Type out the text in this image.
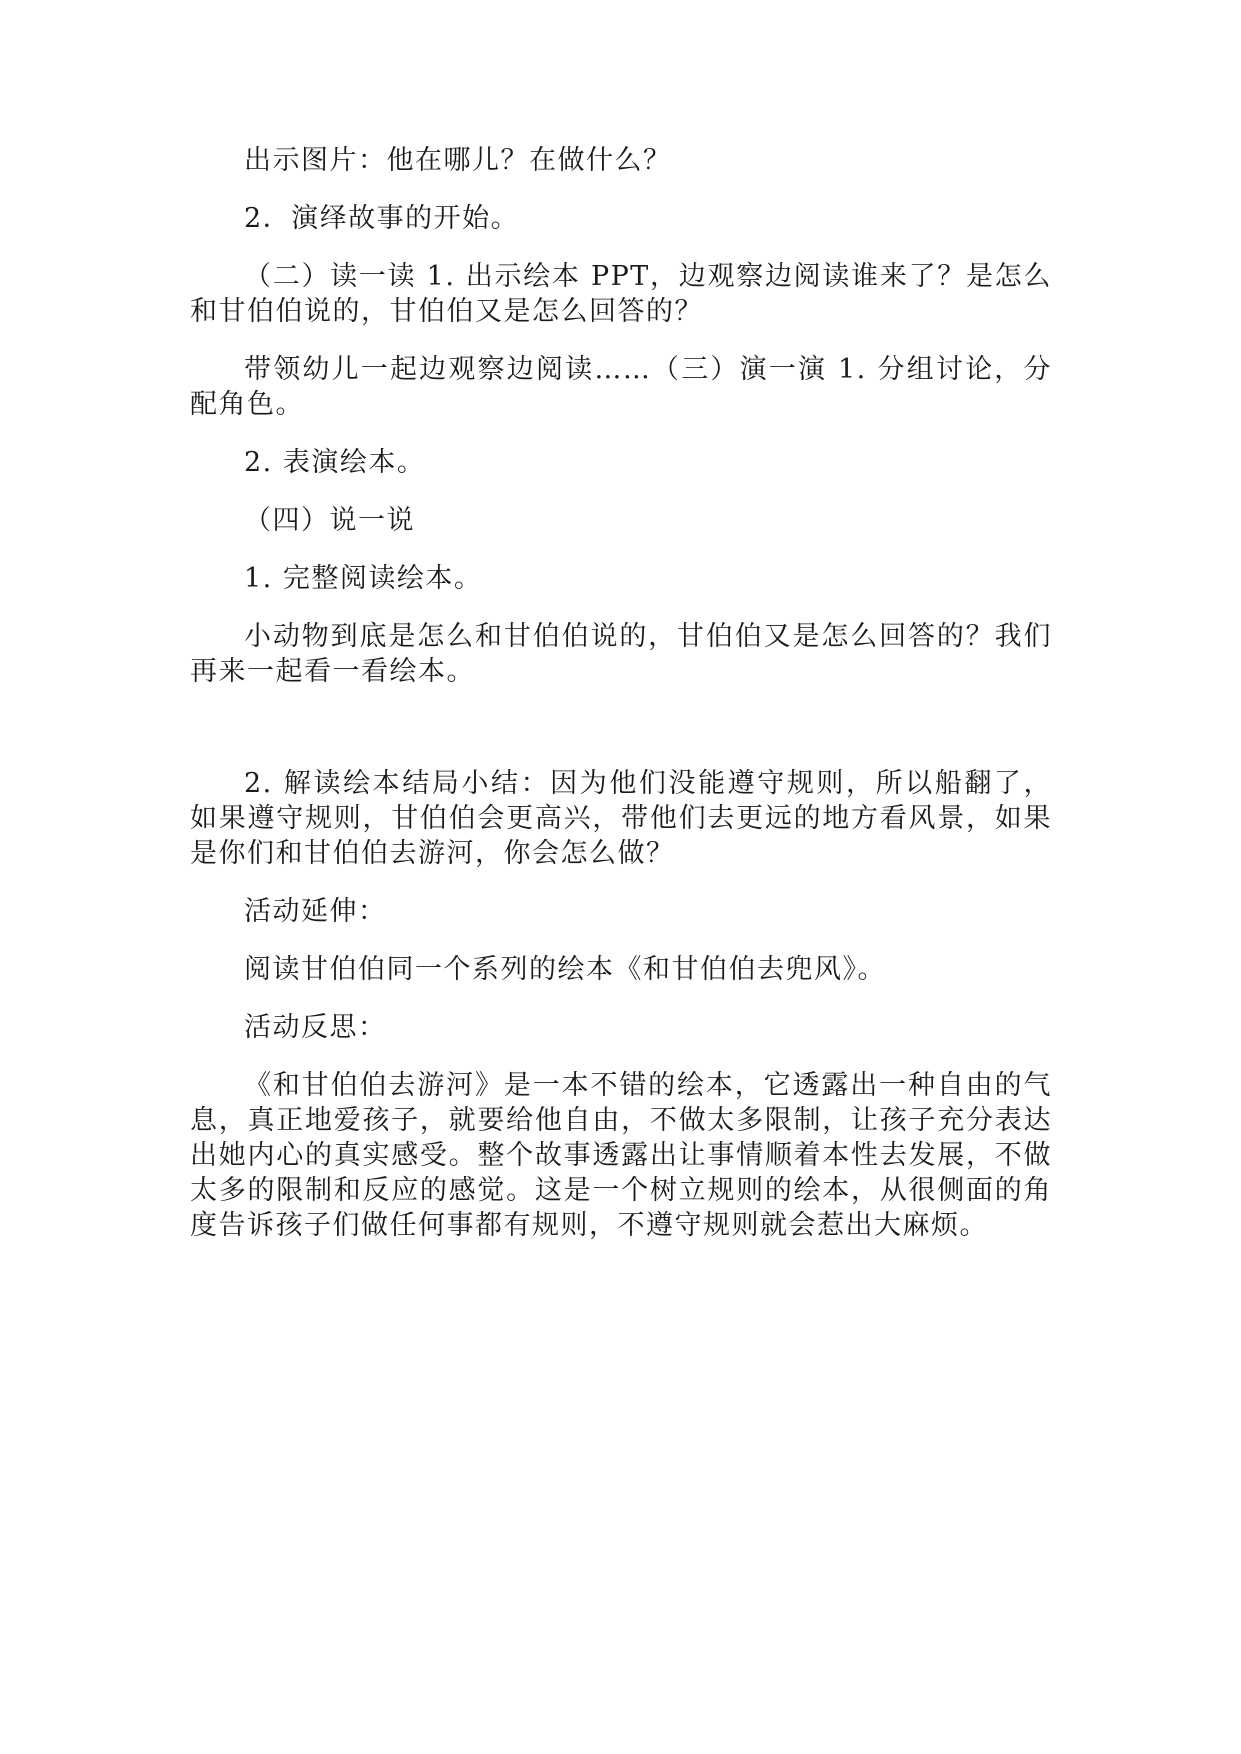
出示图片：他在哪儿？在做什么？

2．演绎故事的开始。

（二）读一读 1. 出示绘本 PPT，边观察边阅读谁来了？是怎么和甘伯伯说的，甘伯伯又是怎么回答的？

带领幼儿一起边观察边阅读……（三）演一演 1. 分组讨论，分配角色。

2. 表演绘本。

（四）说一说

1. 完整阅读绘本。

小动物到底是怎么和甘伯伯说的，甘伯伯又是怎么回答的？我们再来一起看一看绘本。

2. 解读绘本结局小结：因为他们没能遵守规则，所以船翻了，如果遵守规则，甘伯伯会更高兴，带他们去更远的地方看风景，如果是你们和甘伯伯去游河，你会怎么做？

活动延伸：

阅读甘伯伯同一个系列的绘本《和甘伯伯去兜风》。

活动反思：

《和甘伯伯去游河》是一本不错的绘本，它透露出一种自由的气息，真正地爱孩子，就要给他自由，不做太多限制，让孩子充分表达出她内心的真实感受。整个故事透露出让事情顺着本性去发展，不做太多的限制和反应的感觉。这是一个树立规则的绘本，从很侧面的角度告诉孩子们做任何事都有规则，不遵守规则就会惹出大麻烦。
